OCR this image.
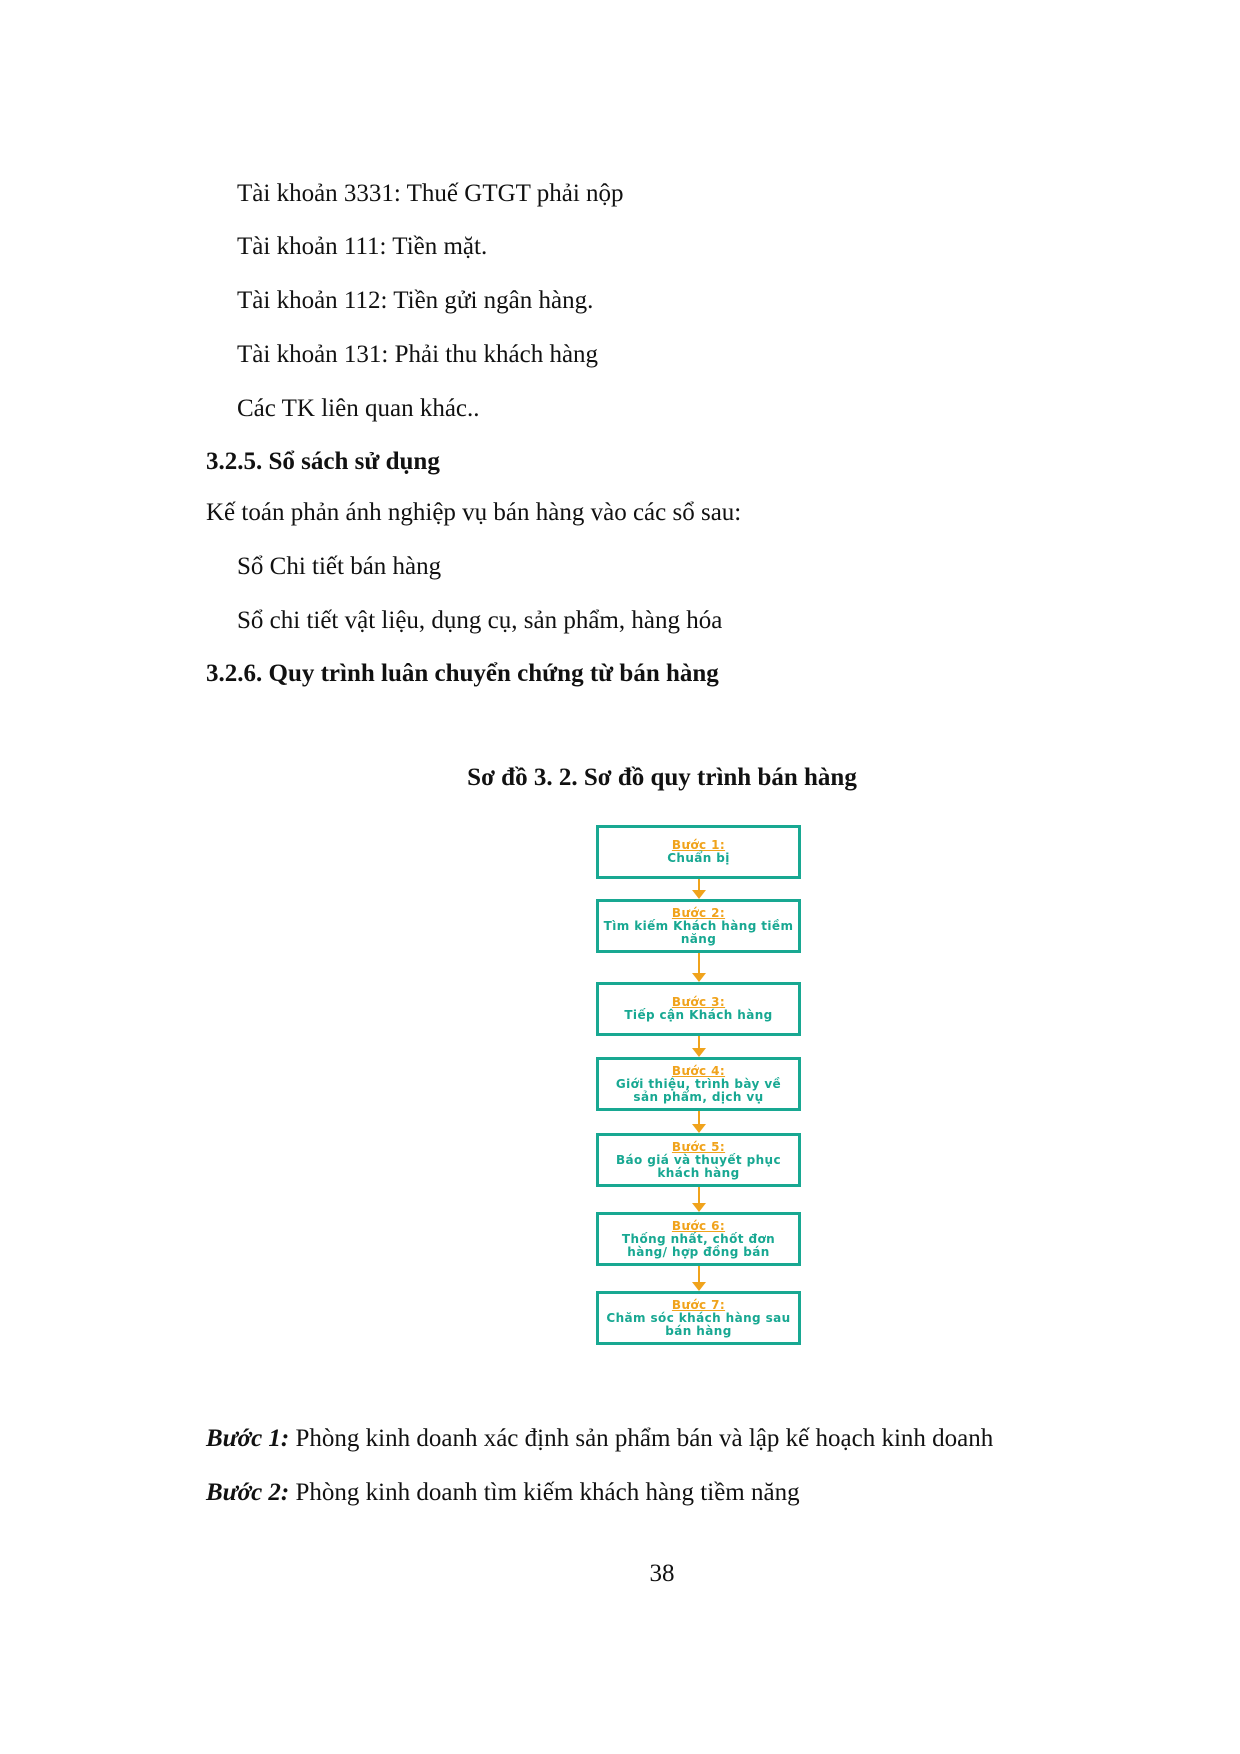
Tài khoản 3331: Thuế GTGT phải nộp
Tài khoản 111: Tiền mặt.
Tài khoản 112: Tiền gửi ngân hàng.
Tài khoản 131: Phải thu khách hàng
Các TK liên quan khác..
3.2.5. Sổ sách sử dụng
Kế toán phản ánh nghiệp vụ bán hàng vào các sổ sau:
Sổ Chi tiết bán hàng
Sổ chi tiết vật liệu, dụng cụ, sản phẩm, hàng hóa
3.2.6. Quy trình luân chuyển chứng từ bán hàng
Sơ đồ 3. 2. Sơ đồ quy trình bán hàng
Bước 1:
Chuẩn bị
Bước 2:
Tìm kiếm Khách hàng tiềm năng
Bước 3:
Tiếp cận Khách hàng
Bước 4:
Giới thiệu, trình bày về sản phẩm, dịch vụ
Bước 5:
Báo giá và thuyết phục khách hàng
Bước 6:
Thống nhất, chốt đơn hàng/ hợp đồng bán
Bước 7:
Chăm sóc khách hàng sau bán hàng
Bước 1: Phòng kinh doanh xác định sản phẩm bán và lập kế hoạch kinh doanh
Bước 2: Phòng kinh doanh tìm kiếm khách hàng tiềm năng
38
